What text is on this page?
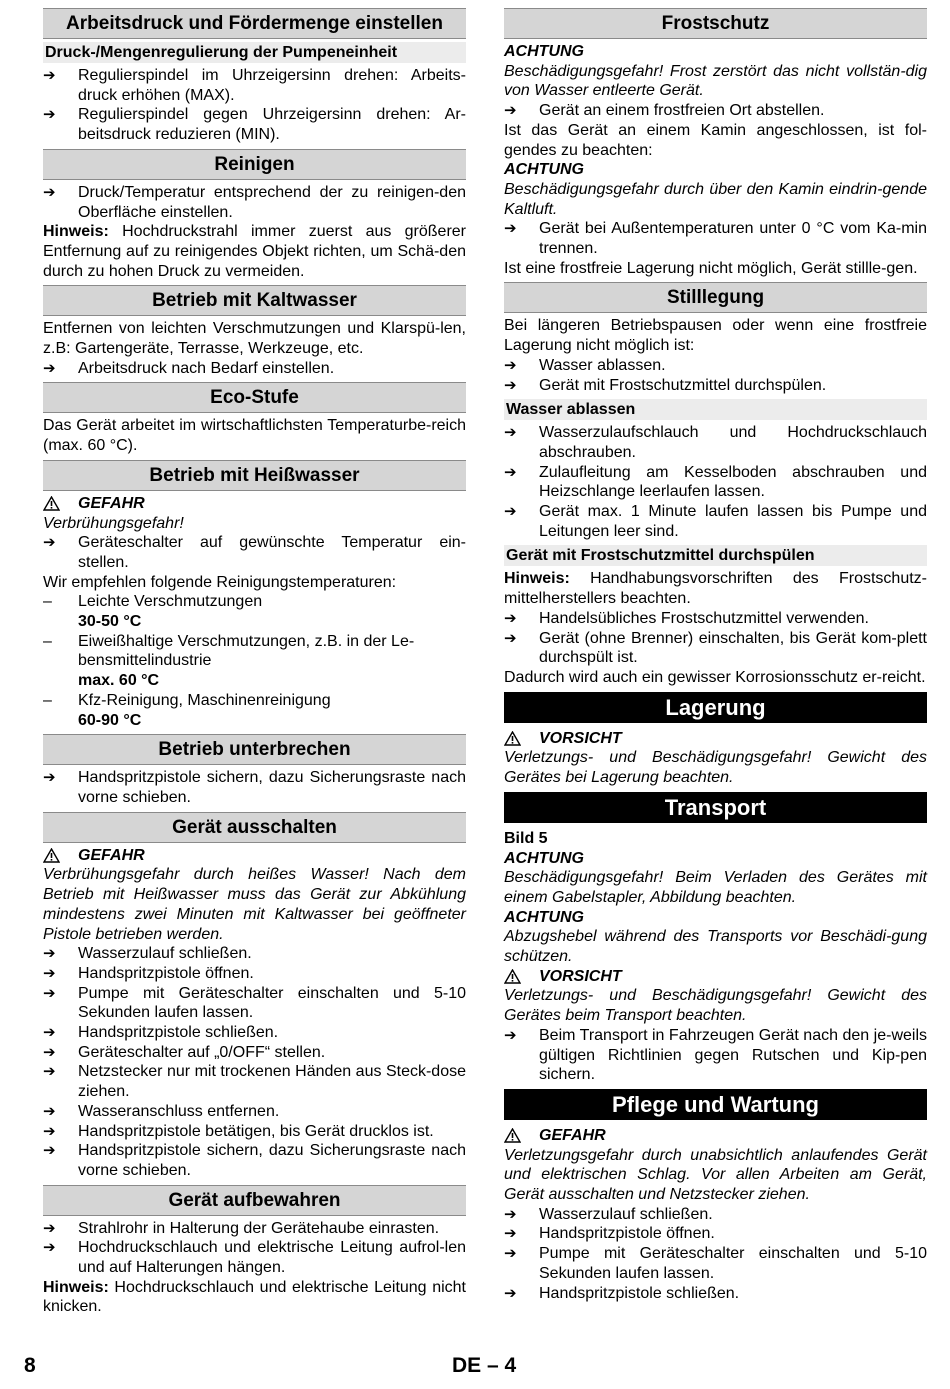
Arbeitsdruck und Fördermenge einstellen
Druck-/Mengenregulierung der Pumpeneinheit
➔ Regulierspindel im Uhrzeigersinn drehen: Arbeits-druck erhöhen (MAX).
➔ Regulierspindel gegen Uhrzeigersinn drehen: Ar-beitsdruck reduzieren (MIN).
Reinigen
➔ Druck/Temperatur entsprechend der zu reinigen-den Oberfläche einstellen.
Hinweis: Hochdruckstrahl immer zuerst aus größerer Entfernung auf zu reinigendes Objekt richten, um Schä-den durch zu hohen Druck zu vermeiden.
Betrieb mit Kaltwasser
Entfernen von leichten Verschmutzungen und Klarspü-len, z.B: Gartengeräte, Terrasse, Werkzeuge, etc.
➔ Arbeitsdruck nach Bedarf einstellen.
Eco-Stufe
Das Gerät arbeitet im wirtschaftlichsten Temperaturbe-reich (max. 60 °C).
Betrieb mit Heißwasser
GEFAHR
Verbrühungsgefahr!
➔ Geräteschalter auf gewünschte Temperatur ein-stellen.
Wir empfehlen folgende Reinigungstemperaturen:
– Leichte Verschmutzungen
30-50 °C
– Eiweißhaltige Verschmutzungen, z.B. in der Le-bensmittelindustrie
max. 60 °C
– Kfz-Reinigung, Maschinenreinigung
60-90 °C
Betrieb unterbrechen
➔ Handspritzpistole sichern, dazu Sicherungsraste nach vorne schieben.
Gerät ausschalten
GEFAHR
Verbrühungsgefahr durch heißes Wasser! Nach dem Betrieb mit Heißwasser muss das Gerät zur Abkühlung mindestens zwei Minuten mit Kaltwasser bei geöffneter Pistole betrieben werden.
➔ Wasserzulauf schließen.
➔ Handspritzpistole öffnen.
➔ Pumpe mit Geräteschalter einschalten und 5-10 Sekunden laufen lassen.
➔ Handspritzpistole schließen.
➔ Geräteschalter auf „0/OFF“ stellen.
➔ Netzstecker nur mit trockenen Händen aus Steck-dose ziehen.
➔ Wasseranschluss entfernen.
➔ Handspritzpistole betätigen, bis Gerät drucklos ist.
➔ Handspritzpistole sichern, dazu Sicherungsraste nach vorne schieben.
Gerät aufbewahren
➔ Strahlrohr in Halterung der Gerätehaube einrasten.
➔ Hochdruckschlauch und elektrische Leitung aufrol-len und auf Halterungen hängen.
Hinweis: Hochdruckschlauch und elektrische Leitung nicht knicken.
Frostschutz
ACHTUNG
Beschädigungsgefahr! Frost zerstört das nicht vollstän-dig von Wasser entleerte Gerät.
➔ Gerät an einem frostfreien Ort abstellen.
Ist das Gerät an einem Kamin angeschlossen, ist fol-gendes zu beachten:
ACHTUNG
Beschädigungsgefahr durch über den Kamin eindrin-gende Kaltluft.
➔ Gerät bei Außentemperaturen unter 0 °C vom Ka-min trennen.
Ist eine frostfreie Lagerung nicht möglich, Gerät stillle-gen.
Stilllegung
Bei längeren Betriebspausen oder wenn eine frostfreie Lagerung nicht möglich ist:
➔ Wasser ablassen.
➔ Gerät mit Frostschutzmittel durchspülen.
Wasser ablassen
➔ Wasserzulaufschlauch und Hochdruckschlauch abschrauben.
➔ Zulaufleitung am Kesselboden abschrauben und Heizschlange leerlaufen lassen.
➔ Gerät max. 1 Minute laufen lassen bis Pumpe und Leitungen leer sind.
Gerät mit Frostschutzmittel durchspülen
Hinweis: Handhabungsvorschriften des Frostschutz-mittelherstellers beachten.
➔ Handelsübliches Frostschutzmittel verwenden.
➔ Gerät (ohne Brenner) einschalten, bis Gerät kom-plett durchspült ist.
Dadurch wird auch ein gewisser Korrosionsschutz er-reicht.
Lagerung
VORSICHT
Verletzungs- und Beschädigungsgefahr! Gewicht des Gerätes bei Lagerung beachten.
Transport
Bild 5
ACHTUNG
Beschädigungsgefahr! Beim Verladen des Gerätes mit einem Gabelstapler, Abbildung beachten.
ACHTUNG
Abzugshebel während des Transports vor Beschädi-gung schützen.
VORSICHT
Verletzungs- und Beschädigungsgefahr! Gewicht des Gerätes beim Transport beachten.
➔ Beim Transport in Fahrzeugen Gerät nach den je-weils gültigen Richtlinien gegen Rutschen und Kip-pen sichern.
Pflege und Wartung
GEFAHR
Verletzungsgefahr durch unabsichtlich anlaufendes Gerät und elektrischen Schlag. Vor allen Arbeiten am Gerät, Gerät ausschalten und Netzstecker ziehen.
➔ Wasserzulauf schließen.
➔ Handspritzpistole öffnen.
➔ Pumpe mit Geräteschalter einschalten und 5-10 Sekunden laufen lassen.
➔ Handspritzpistole schließen.
8	DE – 4
